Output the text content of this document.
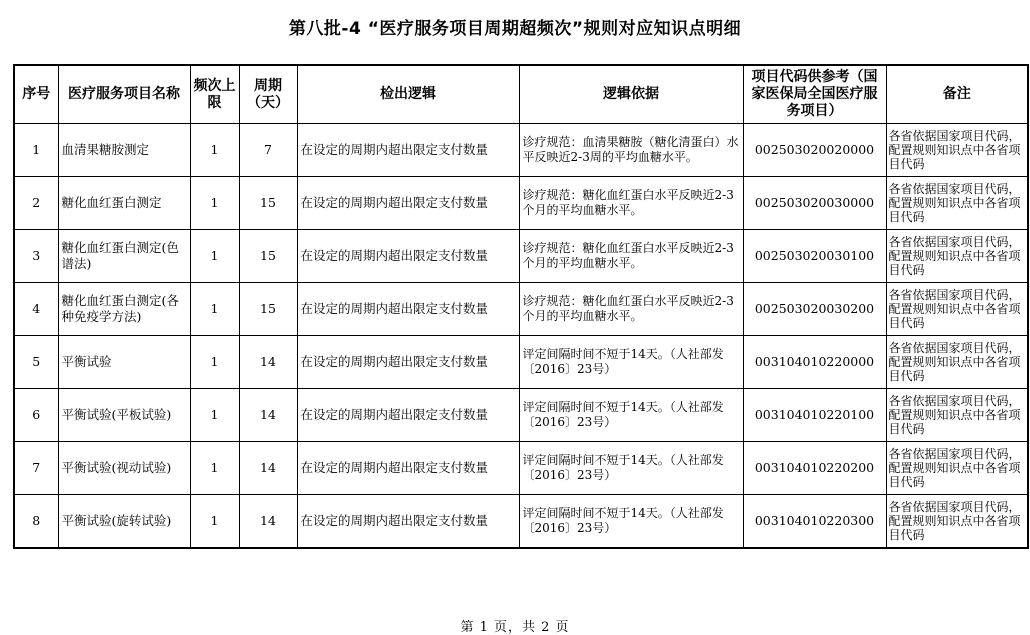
第八批-4 “医疗服务项目周期超频次”规则对应知识点明细
序号	医疗服务项目名称	频次上限	周期（天）	检出逻辑	逻辑依据	项目代码供参考（国家医保局全国医疗服务项目）	备注
1	血清果糖胺测定	1	7	在设定的周期内超出限定支付数量	诊疗规范：血清果糖胺（糖化清蛋白）水平反映近2-3周的平均血糖水平。	002503020020000	各省依据国家项目代码，配置规则知识点中各省项目代码
2	糖化血红蛋白测定	1	15	在设定的周期内超出限定支付数量	诊疗规范：糖化血红蛋白水平反映近2-3个月的平均血糖水平。	002503020030000	各省依据国家项目代码，配置规则知识点中各省项目代码
3	糖化血红蛋白测定(色谱法)	1	15	在设定的周期内超出限定支付数量	诊疗规范：糖化血红蛋白水平反映近2-3个月的平均血糖水平。	002503020030100	各省依据国家项目代码，配置规则知识点中各省项目代码
4	糖化血红蛋白测定(各种免疫学方法)	1	15	在设定的周期内超出限定支付数量	诊疗规范：糖化血红蛋白水平反映近2-3个月的平均血糖水平。	002503020030200	各省依据国家项目代码，配置规则知识点中各省项目代码
5	平衡试验	1	14	在设定的周期内超出限定支付数量	评定间隔时间不短于14天。（人社部发〔2016〕23号）	003104010220000	各省依据国家项目代码，配置规则知识点中各省项目代码
6	平衡试验(平板试验)	1	14	在设定的周期内超出限定支付数量	评定间隔时间不短于14天。（人社部发〔2016〕23号）	003104010220100	各省依据国家项目代码，配置规则知识点中各省项目代码
7	平衡试验(视动试验)	1	14	在设定的周期内超出限定支付数量	评定间隔时间不短于14天。（人社部发〔2016〕23号）	003104010220200	各省依据国家项目代码，配置规则知识点中各省项目代码
8	平衡试验(旋转试验)	1	14	在设定的周期内超出限定支付数量	评定间隔时间不短于14天。（人社部发〔2016〕23号）	003104010220300	各省依据国家项目代码，配置规则知识点中各省项目代码
第 1 页，共 2 页
